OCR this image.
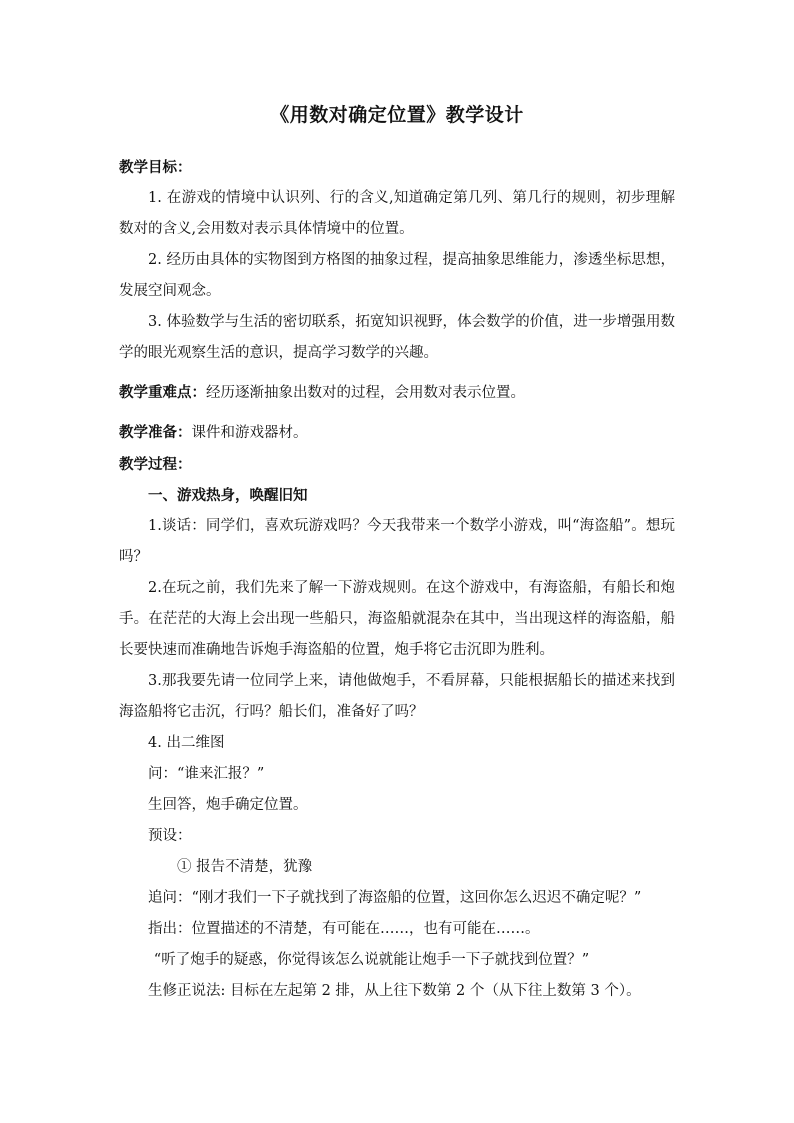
《用数对确定位置》教学设计

教学目标：

1. 在游戏的情境中认识列、行的含义,知道确定第几列、第几行的规则，初步理解数对的含义,会用数对表示具体情境中的位置。

2. 经历由具体的实物图到方格图的抽象过程，提高抽象思维能力，渗透坐标思想，发展空间观念。

3. 体验数学与生活的密切联系，拓宽知识视野，体会数学的价值，进一步增强用数学的眼光观察生活的意识，提高学习数学的兴趣。

教学重难点：经历逐渐抽象出数对的过程，会用数对表示位置。

教学准备：课件和游戏器材。

教学过程：

一、游戏热身，唤醒旧知

1.谈话：同学们，喜欢玩游戏吗？今天我带来一个数学小游戏，叫“海盗船”。想玩吗？

2.在玩之前，我们先来了解一下游戏规则。在这个游戏中，有海盗船，有船长和炮手。在茫茫的大海上会出现一些船只，海盗船就混杂在其中，当出现这样的海盗船，船长要快速而准确地告诉炮手海盗船的位置，炮手将它击沉即为胜利。

3.那我要先请一位同学上来，请他做炮手，不看屏幕，只能根据船长的描述来找到海盗船将它击沉，行吗？船长们，准备好了吗？

4. 出二维图

问：“谁来汇报？”

生回答，炮手确定位置。

预设：

① 报告不清楚，犹豫

追问：“刚才我们一下子就找到了海盗船的位置，这回你怎么迟迟不确定呢？”

指出：位置描述的不清楚，有可能在……，也有可能在……。

“听了炮手的疑惑，你觉得该怎么说就能让炮手一下子就找到位置？”

生修正说法: 目标在左起第 2 排，从上往下数第 2 个（从下往上数第 3 个）。
